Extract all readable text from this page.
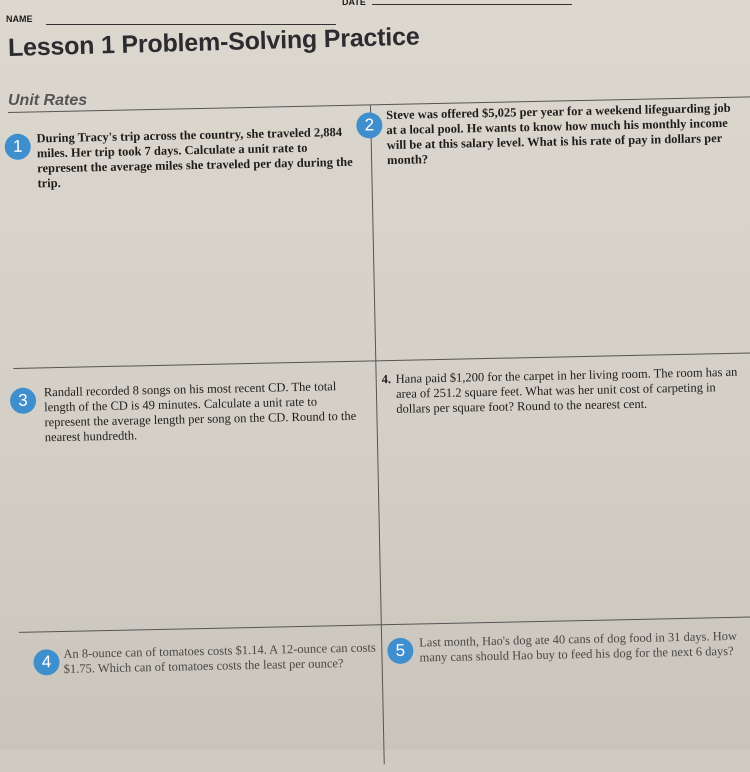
DATE
NAME
Lesson 1 Problem-Solving Practice
Unit Rates
1
During Tracy's trip across the country, she traveled 2,884 miles. Her trip took 7 days. Calculate a unit rate to represent the average miles she traveled per day during the trip.
2
Steve was offered $5,025 per year for a weekend lifeguarding job at a local pool. He wants to know how much his monthly income will be at this salary level. What is his rate of pay in dollars per month?
3
Randall recorded 8 songs on his most recent CD. The total length of the CD is 49 minutes. Calculate a unit rate to represent the average length per song on the CD. Round to the nearest hundredth.
4. Hana paid $1,200 for the carpet in her living room. The room has an area of 251.2 square feet. What was her unit cost of carpeting in dollars per square foot? Round to the nearest cent.
4
An 8-ounce can of tomatoes costs $1.14. A 12-ounce can costs $1.75. Which can of tomatoes costs the least per ounce?
5
Last month, Hao's dog ate 40 cans of dog food in 31 days. How many cans should Hao buy to feed his dog for the next 6 days?
